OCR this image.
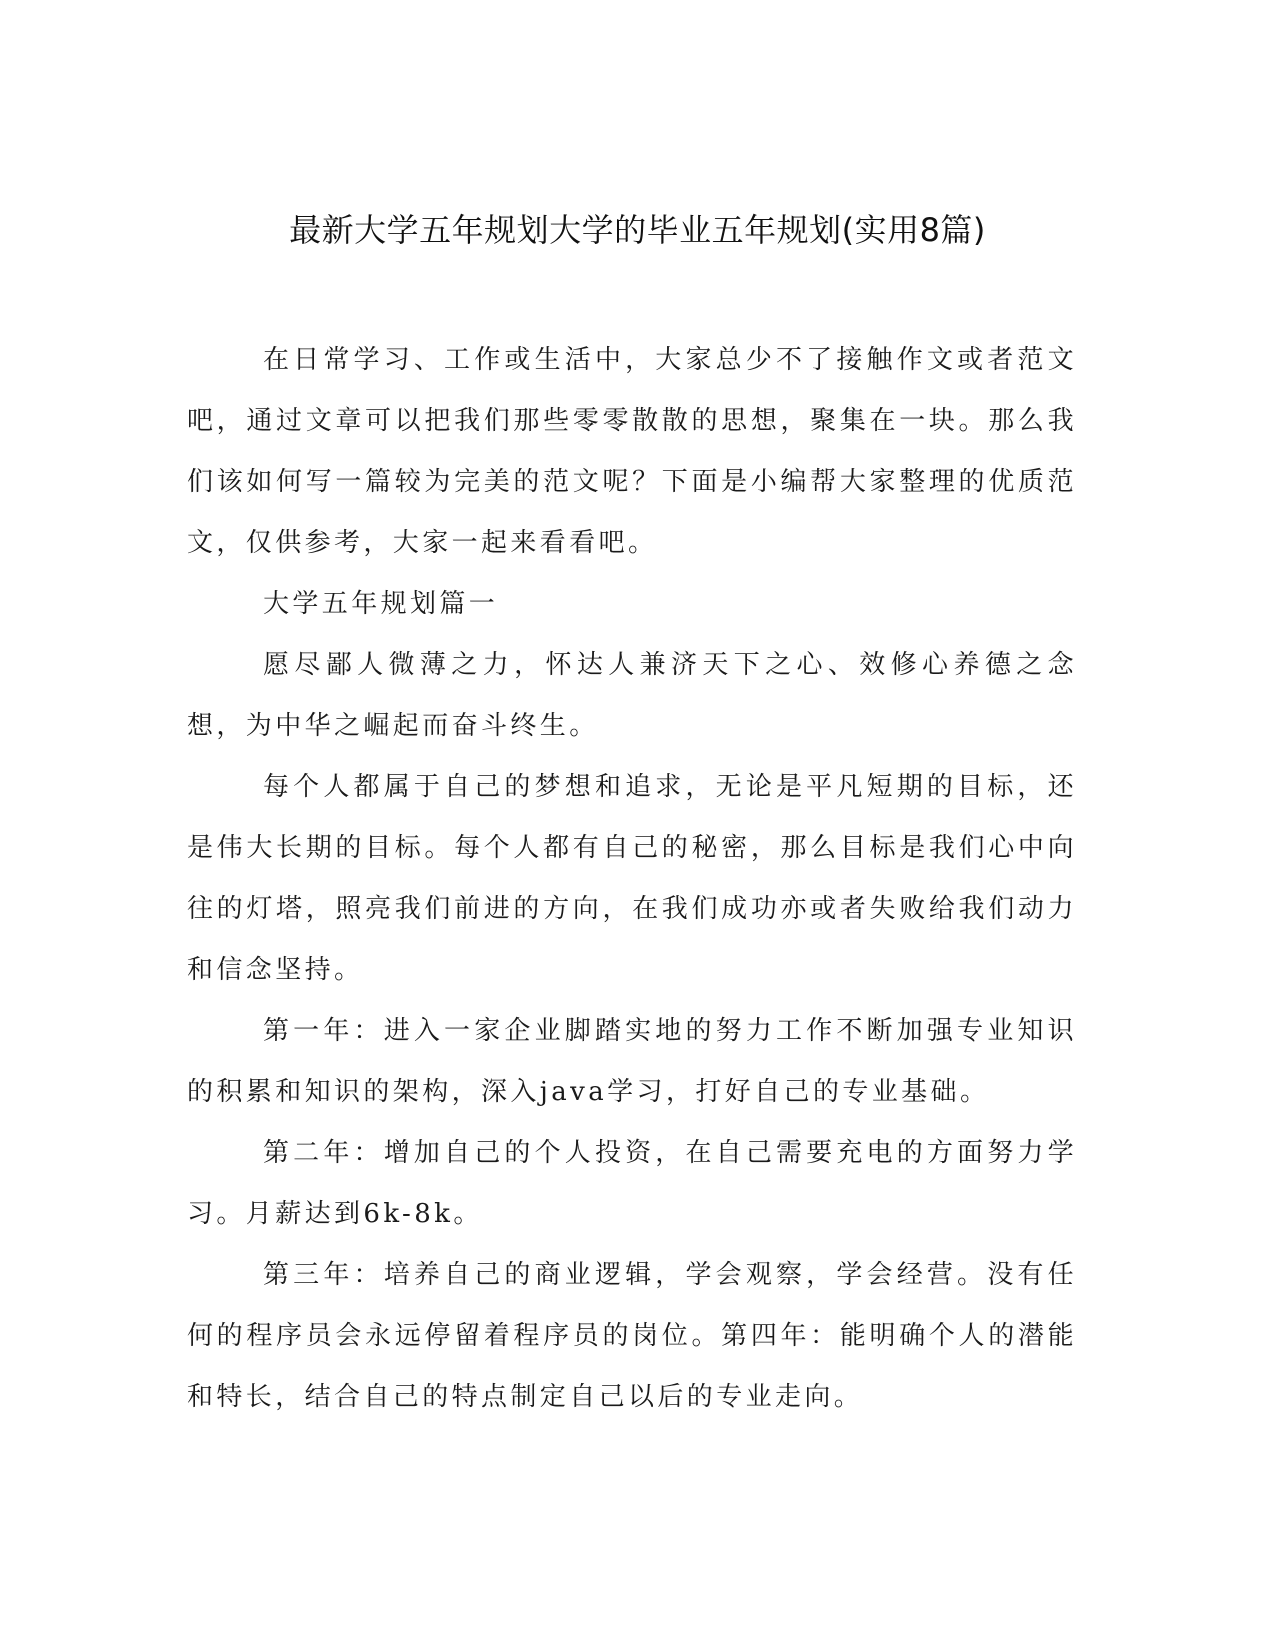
最新大学五年规划大学的毕业五年规划(实用8篇)

在日常学习、工作或生活中，大家总少不了接触作文或者范文吧，通过文章可以把我们那些零零散散的思想，聚集在一块。那么我们该如何写一篇较为完美的范文呢？下面是小编帮大家整理的优质范文，仅供参考，大家一起来看看吧。

大学五年规划篇一

愿尽鄙人微薄之力，怀达人兼济天下之心、效修心养德之念想，为中华之崛起而奋斗终生。

每个人都属于自己的梦想和追求，无论是平凡短期的目标，还是伟大长期的目标。每个人都有自己的秘密，那么目标是我们心中向往的灯塔，照亮我们前进的方向，在我们成功亦或者失败给我们动力和信念坚持。

第一年：进入一家企业脚踏实地的努力工作不断加强专业知识的积累和知识的架构，深入java学习，打好自己的专业基础。

第二年：增加自己的个人投资，在自己需要充电的方面努力学习。月薪达到6k-8k。

第三年：培养自己的商业逻辑，学会观察，学会经营。没有任何的程序员会永远停留着程序员的岗位。第四年：能明确个人的潜能和特长，结合自己的特点制定自己以后的专业走向。
